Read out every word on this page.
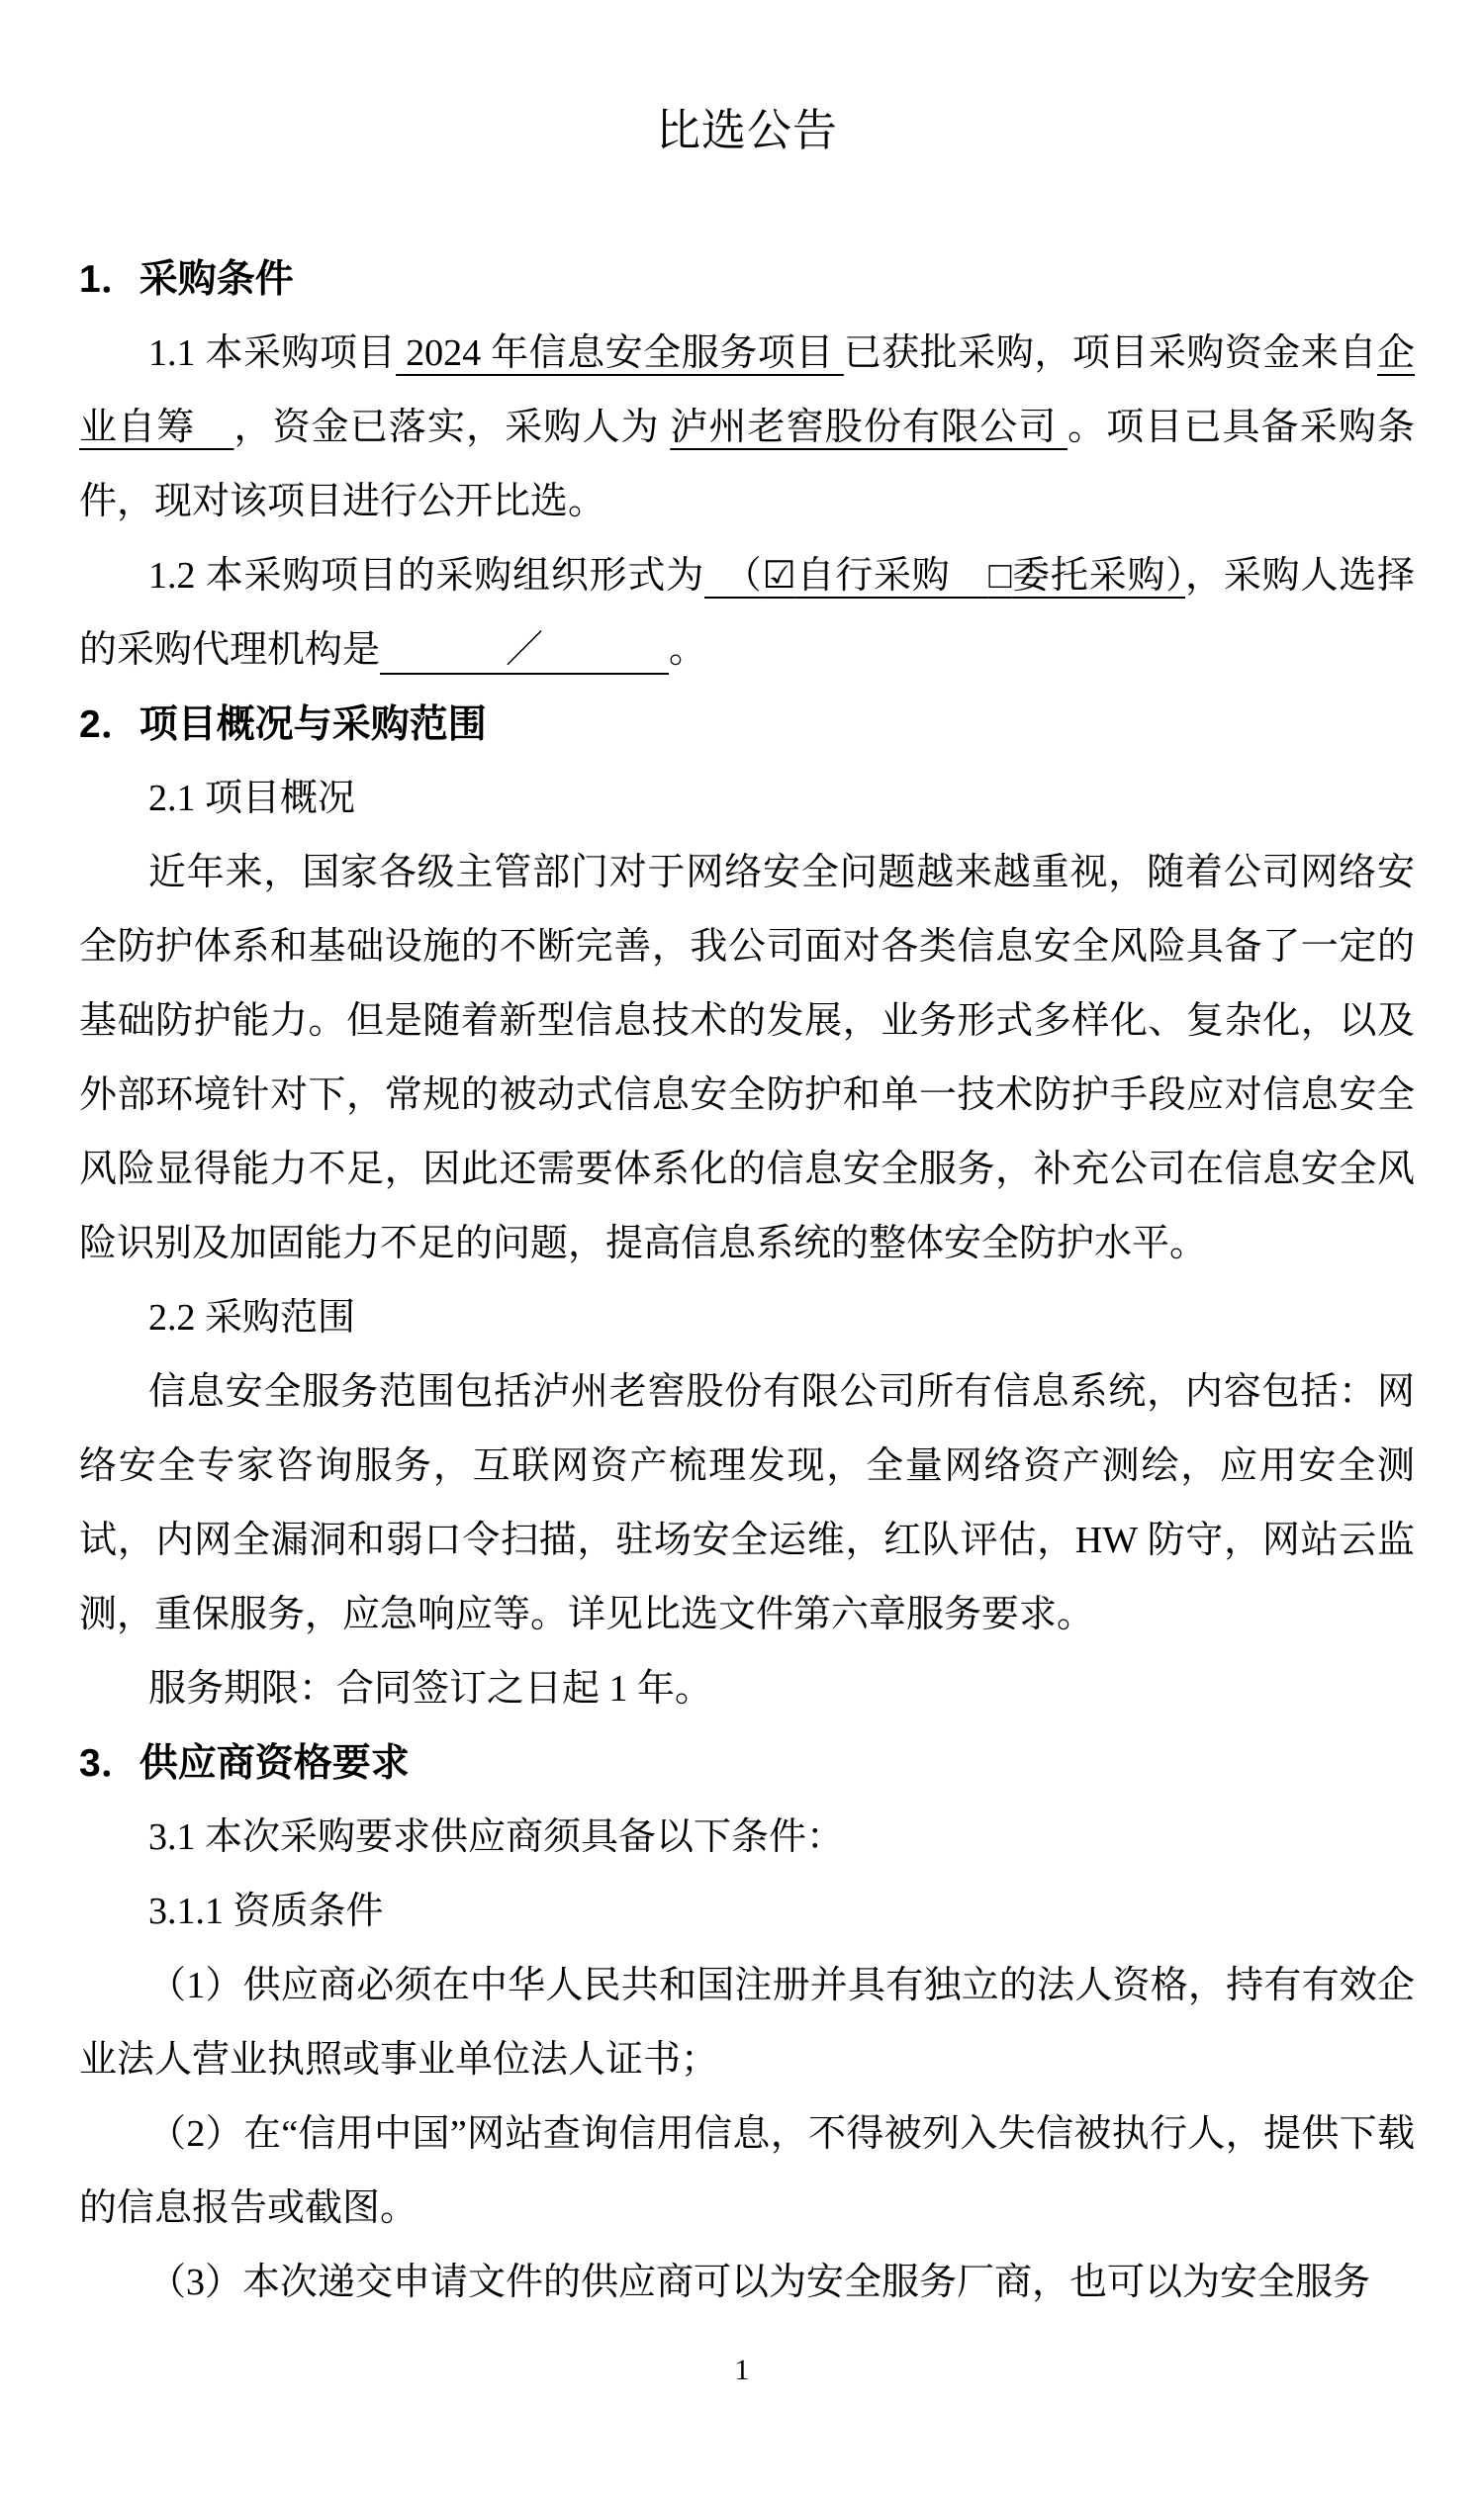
比选公告

1．采购条件

1.1 本采购项目 2024 年信息安全服务项目 已获批采购，项目采购资金来自企业自筹　，资金已落实，采购人为 泸州老窖股份有限公司 。项目已具备采购条件，现对该项目进行公开比选。

1.2 本采购项目的采购组织形式为　（☑自行采购　□委托采购），采购人选择的采购代理机构是	／	。

2．项目概况与采购范围

2.1 项目概况

近年来，国家各级主管部门对于网络安全问题越来越重视，随着公司网络安全防护体系和基础设施的不断完善，我公司面对各类信息安全风险具备了一定的基础防护能力。但是随着新型信息技术的发展，业务形式多样化、复杂化，以及外部环境针对下，常规的被动式信息安全防护和单一技术防护手段应对信息安全风险显得能力不足，因此还需要体系化的信息安全服务，补充公司在信息安全风险识别及加固能力不足的问题，提高信息系统的整体安全防护水平。

2.2 采购范围

信息安全服务范围包括泸州老窖股份有限公司所有信息系统，内容包括：网络安全专家咨询服务，互联网资产梳理发现，全量网络资产测绘，应用安全测试，内网全漏洞和弱口令扫描，驻场安全运维，红队评估，HW 防守，网站云监测，重保服务，应急响应等。详见比选文件第六章服务要求。

服务期限：合同签订之日起 1 年。

3．供应商资格要求

3.1 本次采购要求供应商须具备以下条件：

3.1.1 资质条件

（1）供应商必须在中华人民共和国注册并具有独立的法人资格，持有有效企业法人营业执照或事业单位法人证书；

（2）在“信用中国”网站查询信用信息，不得被列入失信被执行人，提供下载的信息报告或截图。

（3）本次递交申请文件的供应商可以为安全服务厂商，也可以为安全服务

1
